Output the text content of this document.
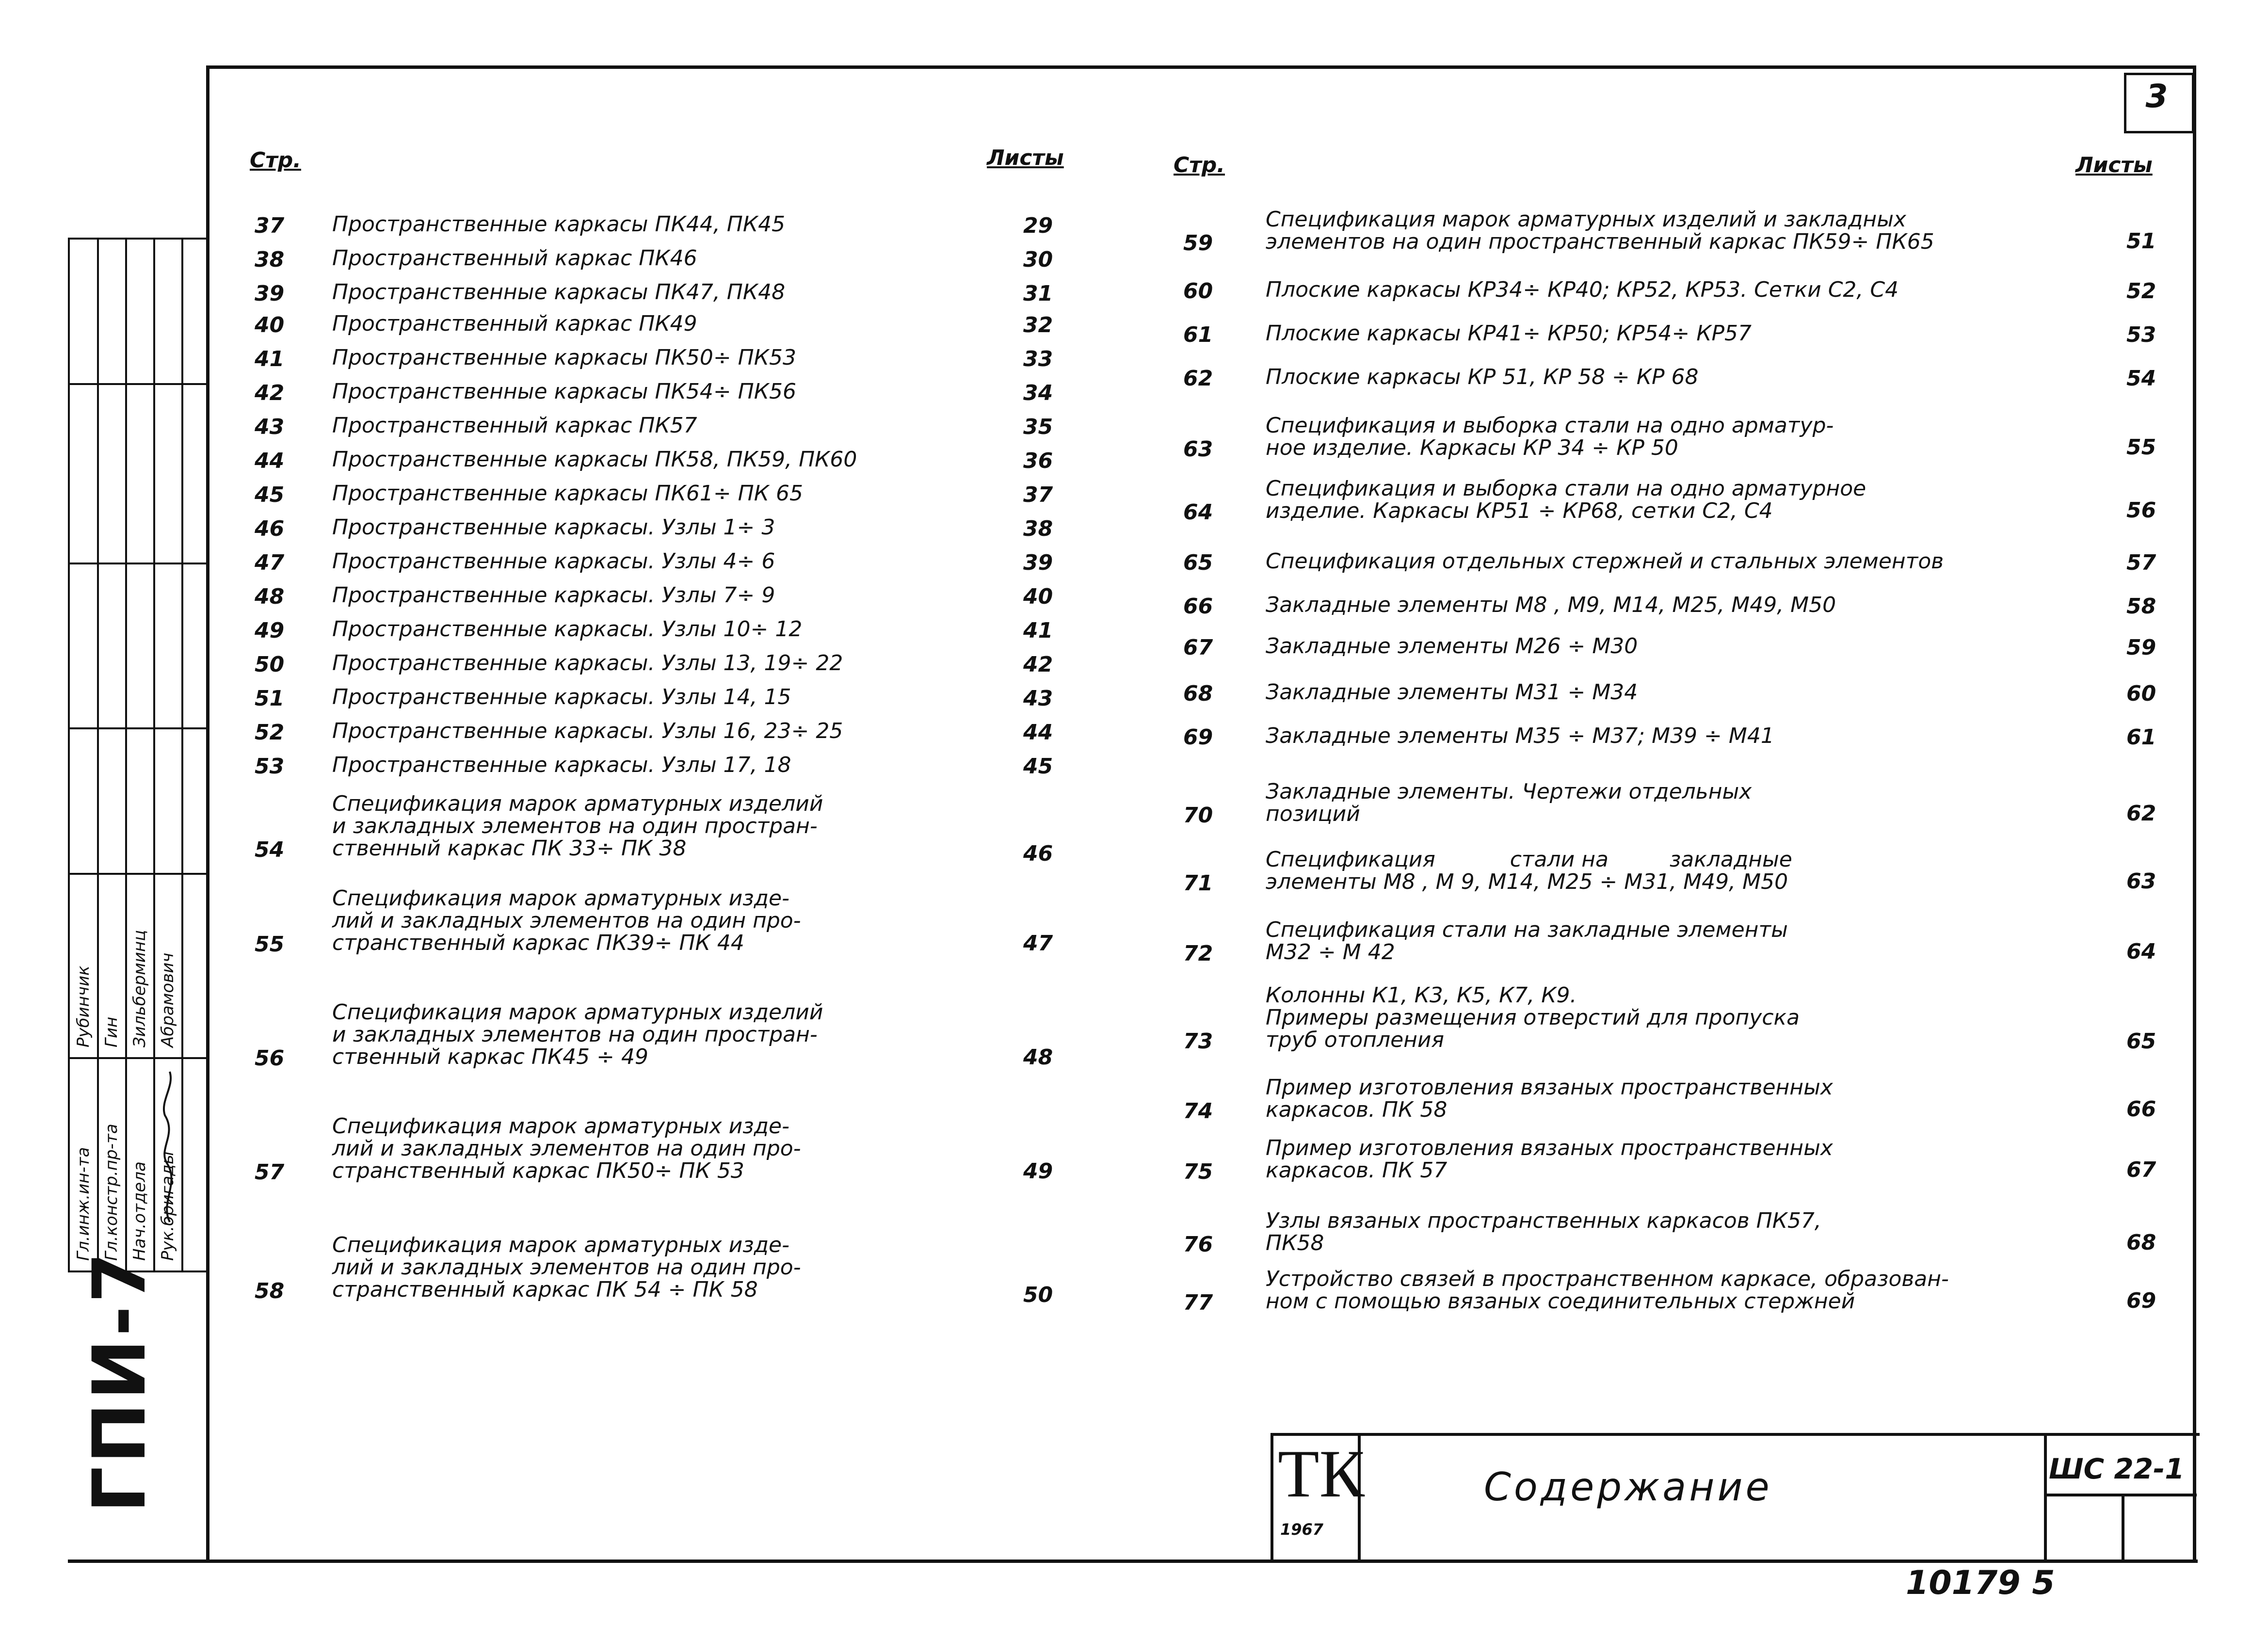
3
Стр.	Листы	Стр.	Листы
37 Пространственные каркасы ПК44, ПК45	29
38 Пространственный каркас ПК46	30
39 Пространственные каркасы ПК47, ПК48	31
40 Пространственный каркас ПК49	32
41 Пространственные каркасы ПК50÷ ПК53	33
42 Пространственные каркасы ПК54÷ ПК56	34
43 Пространственный каркас ПК57	35
44 Пространственные каркасы ПК58, ПК59, ПК60	36
45 Пространственные каркасы ПК61÷ ПК 65	37
46 Пространственные каркасы. Узлы 1÷ 3	38
47 Пространственные каркасы. Узлы 4÷ 6	39
48 Пространственные каркасы. Узлы 7÷ 9	40
49 Пространственные каркасы. Узлы 10÷ 12	41
50 Пространственные каркасы. Узлы 13, 19÷ 22	42
51 Пространственные каркасы. Узлы 14, 15	43
52 Пространственные каркасы. Узлы 16, 23÷ 25	44
53 Пространственные каркасы. Узлы 17, 18	45
54
Спецификация марок арматурных изделий
и закладных элементов на один простран-
ственный каркас ПК 33÷ ПК 38	46
55
Спецификация марок арматурных изде-
лий и закладных элементов на один про-
странственный каркас ПК39÷ ПК 44	47
56
Спецификация марок арматурных изделий
и закладных элементов на один простран-
ственный каркас ПК45 ÷ 49	48
57
Спецификация марок арматурных изде-
лий и закладных элементов на один про-
странственный каркас ПК50÷ ПК 53	49
58
Спецификация марок арматурных изде-
лий и закладных элементов на один про-
странственный каркас ПК 54 ÷ ПК 58	50
59
Спецификация марок арматурных изделий и закладных
элементов на один пространственный каркас ПК59÷ ПК65	51
60 Плоские каркасы КР34÷ КР40; КР52, КР53. Сетки С2, С4	52
61 Плоские каркасы КР41÷ КР50; КР54÷ КР57	53
62 Плоские каркасы КР 51, КР 58 ÷ КР 68	54
63
Спецификация и выборка стали на одно арматур-
ное изделие. Каркасы КР 34 ÷ КР 50	55
64
Спецификация и выборка стали на одно арматурное
изделие. Каркасы КР51 ÷ КР68, сетки С2, С4	56
65 Спецификация отдельных стержней и стальных элементов	57
66 Закладные элементы М8 , М9, М14, М25, М49, М50	58
67 Закладные элементы М26 ÷ М30	59
68 Закладные элементы М31 ÷ М34	60
69 Закладные элементы М35 ÷ М37; М39 ÷ М41	61
70
Закладные элементы. Чертежи отдельных
позиций	62
71
Спецификация           стали на         закладные
элементы М8 , М 9, М14, М25 ÷ М31, М49, М50	63
72
Спецификация стали на закладные элементы
М32 ÷ М 42	64
73
Колонны К1, К3, К5, К7, К9.
Примеры размещения отверстий для пропуска
труб отопления	65
74
Пример изготовления вязаных пространственных
каркасов. ПК 58	66
75
Пример изготовления вязаных пространственных
каркасов. ПК 57	67
76
Узлы вязаных пространственных каркасов ПК57,
ПК58	68
77
Устройство связей в пространственном каркасе, образован-
ном с помощью вязаных соединительных стержней	69
Гл.инж.ин-та Гл.констр.пр-та Нач.отдела Рук.бригады
Рубинчик Гин Зильберминц Абрамович
ГПИ-7	ТК
1967
Содержание	ШС 22-1
10179 5
